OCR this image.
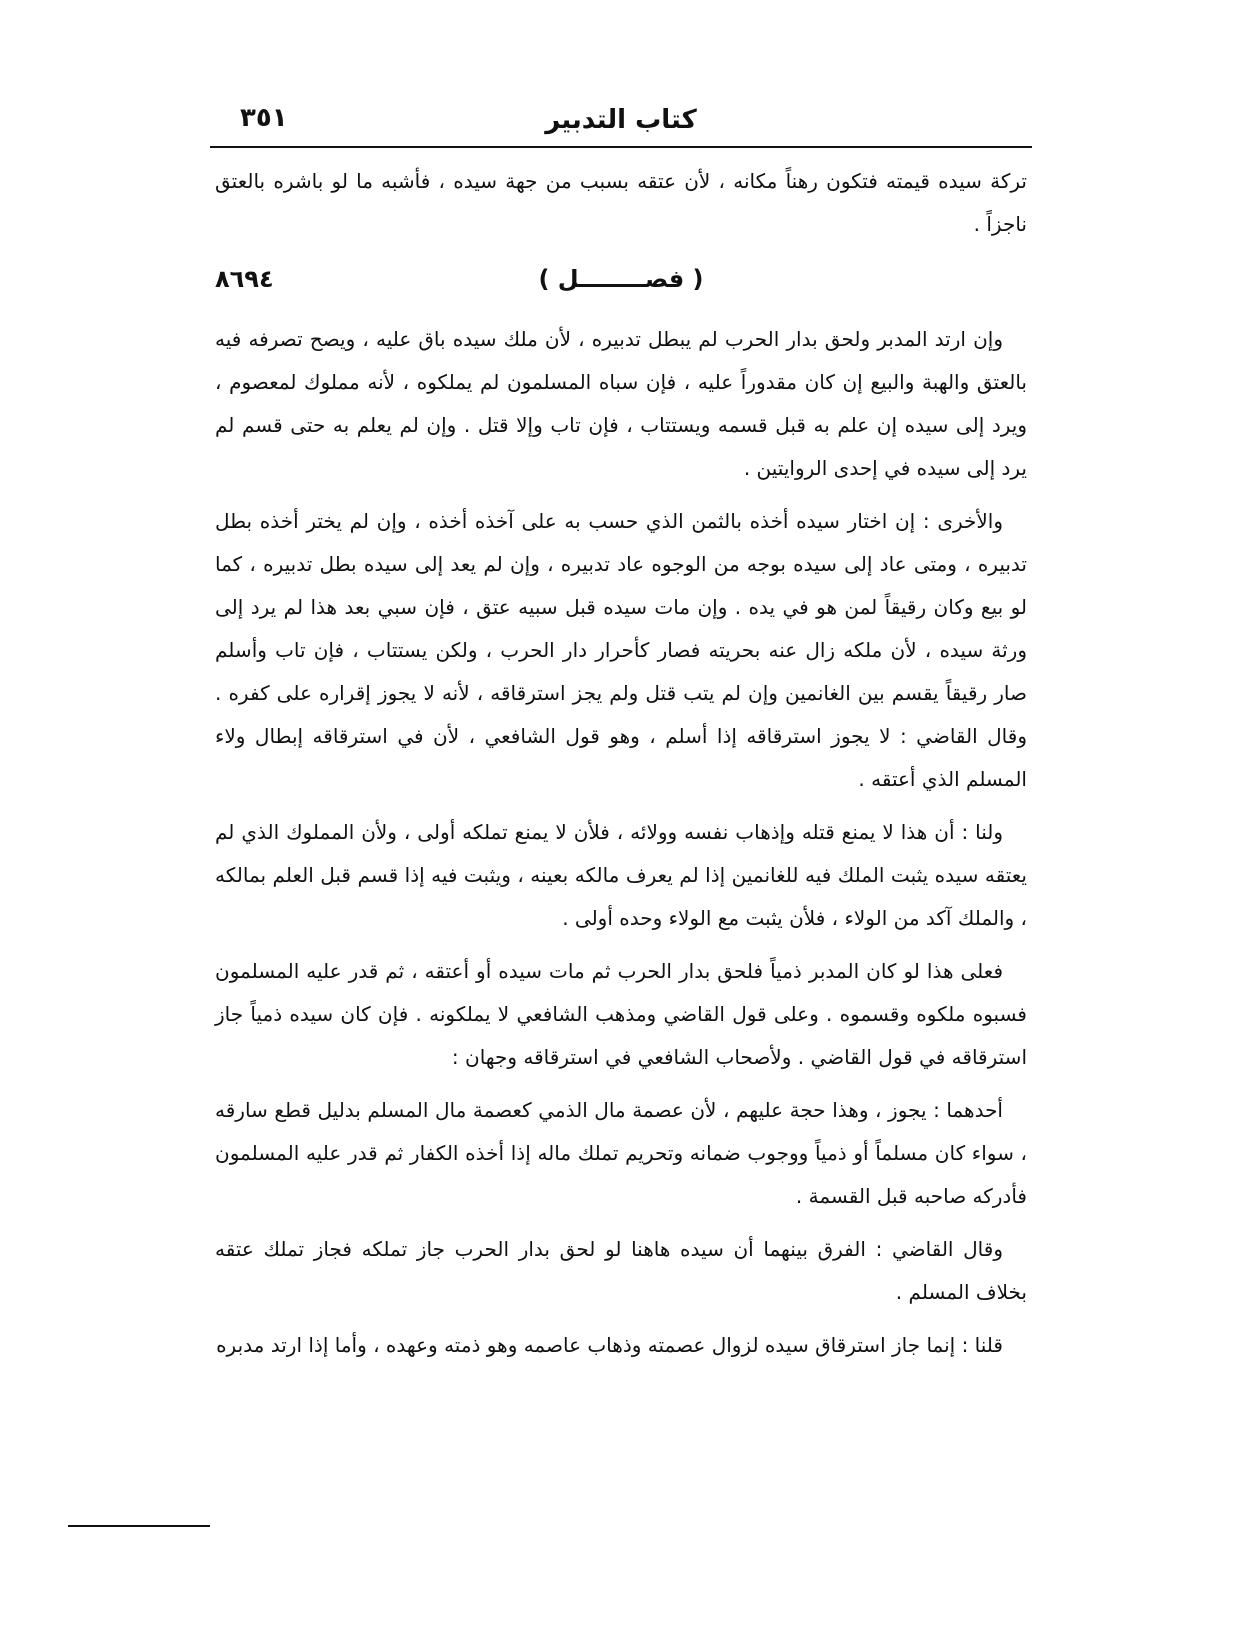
كتاب التدبير
٣٥١

تركة سيده قيمته فتكون رهناً مكانه ، لأن عتقه بسبب من جهة سيده ، فأشبه ما لو باشره بالعتق ناجزاً .

( فصــــــــل )
٨٦٩٤

وإن ارتد المدبر ولحق بدار الحرب لم يبطل تدبيره ، لأن ملك سيده باق عليه ، ويصح تصرفه فيه بالعتق والهبة والبيع إن كان مقدوراً عليه ، فإن سباه المسلمون لم يملكوه ، لأنه مملوك لمعصوم ، ويرد إلى سيده إن علم به قبل قسمه ويستتاب ، فإن تاب وإلا قتل . وإن لم يعلم به حتى قسم لم يرد إلى سيده في إحدى الروايتين .

والأخرى : إن اختار سيده أخذه بالثمن الذي حسب به على آخذه أخذه ، وإن لم يختر أخذه بطل تدبيره ، ومتى عاد إلى سيده بوجه من الوجوه عاد تدبيره ، وإن لم يعد إلى سيده بطل تدبيره ، كما لو بيع وكان رقيقاً لمن هو في يده . وإن مات سيده قبل سبيه عتق ، فإن سبي بعد هذا لم يرد إلى ورثة سيده ، لأن ملكه زال عنه بحريته فصار كأحرار دار الحرب ، ولكن يستتاب ، فإن تاب وأسلم صار رقيقاً يقسم بين الغانمين وإن لم يتب قتل ولم يجز استرقاقه ، لأنه لا يجوز إقراره على كفره . وقال القاضي : لا يجوز استرقاقه إذا أسلم ، وهو قول الشافعي ، لأن في استرقاقه إبطال ولاء المسلم الذي أعتقه .

ولنا : أن هذا لا يمنع قتله وإذهاب نفسه وولائه ، فلأن لا يمنع تملكه أولى ، ولأن المملوك الذي لم يعتقه سيده يثبت الملك فيه للغانمين إذا لم يعرف مالكه بعينه ، ويثبت فيه إذا قسم قبل العلم بمالكه ، والملك آكد من الولاء ، فلأن يثبت مع الولاء وحده أولى .

فعلى هذا لو كان المدبر ذمياً فلحق بدار الحرب ثم مات سيده أو أعتقه ، ثم قدر عليه المسلمون فسبوه ملكوه وقسموه . وعلى قول القاضي ومذهب الشافعي لا يملكونه . فإن كان سيده ذمياً جاز استرقاقه في قول القاضي . ولأصحاب الشافعي في استرقاقه وجهان :

أحدهما : يجوز ، وهذا حجة عليهم ، لأن عصمة مال الذمي كعصمة مال المسلم بدليل قطع سارقه ، سواء كان مسلماً أو ذمياً ووجوب ضمانه وتحريم تملك ماله إذا أخذه الكفار ثم قدر عليه المسلمون فأدركه صاحبه قبل القسمة .

وقال القاضي : الفرق بينهما أن سيده هاهنا لو لحق بدار الحرب جاز تملكه فجاز تملك عتقه بخلاف المسلم .

قلنا : إنما جاز استرقاق سيده لزوال عصمته وذهاب عاصمه وهو ذمته وعهده ، وأما إذا ارتد مدبره
